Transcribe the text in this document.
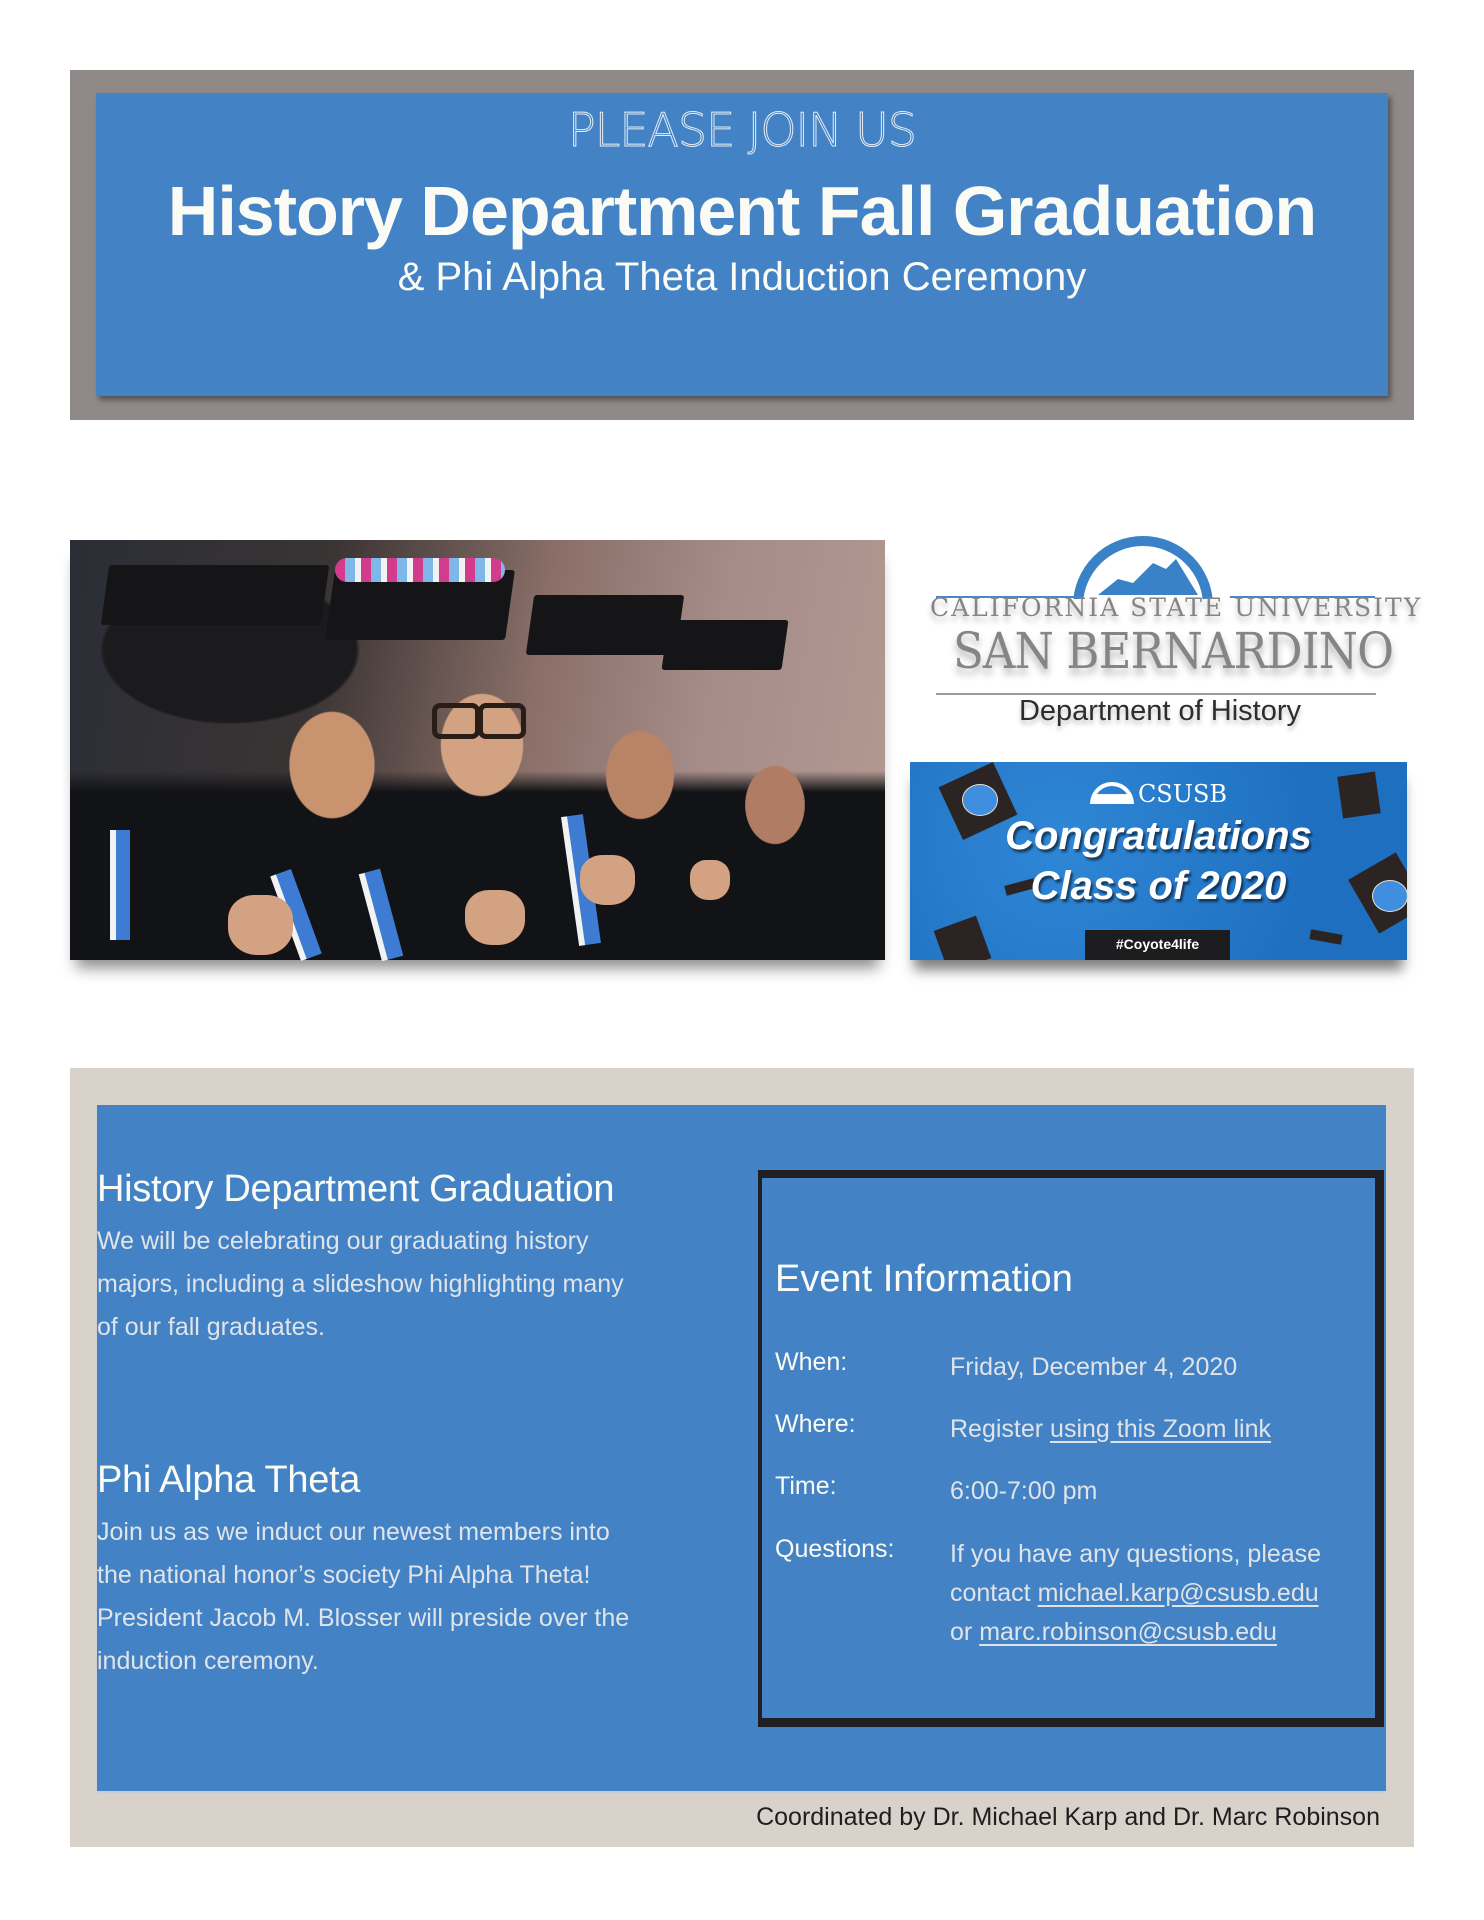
PLEASE JOIN US
History Department Fall Graduation
& Phi Alpha Theta Induction Ceremony
CALIFORNIA STATE UNIVERSITY
SAN BERNARDINO
Department of History
CSUSB
Congratulations
Class of 2020
#Coyote4life
History Department Graduation
We will be celebrating our graduating history
majors, including a slideshow highlighting many
of our fall graduates.
Phi Alpha Theta
Join us as we induct our newest members into
the national honor’s society Phi Alpha Theta!
President Jacob M. Blosser will preside over the
induction ceremony.
Event Information
When:	Friday, December 4, 2020
Where:	Register using this Zoom link
Time:	6:00-7:00 pm
Questions: If you have any questions, please
contact michael.karp@csusb.edu
or marc.robinson@csusb.edu
Coordinated by Dr. Michael Karp and Dr. Marc Robinson
